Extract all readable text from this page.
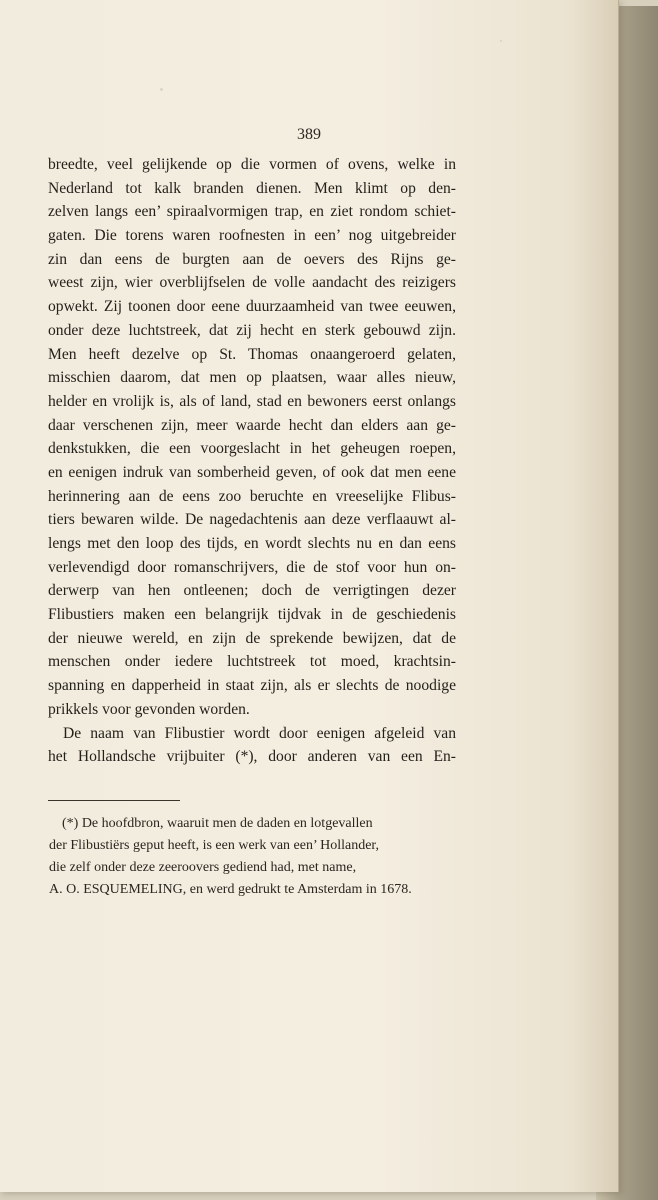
389
breedte, veel gelijkende op die vormen of ovens, welke in
Nederland tot kalk branden dienen. Men klimt op den-
zelven langs een’ spiraalvormigen trap, en ziet rondom schiet-
gaten. Die torens waren roofnesten in een’ nog uitgebreider
zin dan eens de burgten aan de oevers des Rijns ge-
weest zijn, wier overblijfselen de volle aandacht des reizigers
opwekt. Zij toonen door eene duurzaamheid van twee eeuwen,
onder deze luchtstreek, dat zij hecht en sterk gebouwd zijn.
Men heeft dezelve op St. Thomas onaangeroerd gelaten,
misschien daarom, dat men op plaatsen, waar alles nieuw,
helder en vrolijk is, als of land, stad en bewoners eerst onlangs
daar verschenen zijn, meer waarde hecht dan elders aan ge-
denkstukken, die een voorgeslacht in het geheugen roepen,
en eenigen indruk van somberheid geven, of ook dat men eene
herinnering aan de eens zoo beruchte en vreeselijke Flibus-
tiers bewaren wilde. De nagedachtenis aan deze verflaauwt al-
lengs met den loop des tijds, en wordt slechts nu en dan eens
verlevendigd door romanschrijvers, die de stof voor hun on-
derwerp van hen ontleenen; doch de verrigtingen dezer
Flibustiers maken een belangrijk tijdvak in de geschiedenis
der nieuwe wereld, en zijn de sprekende bewijzen, dat de
menschen onder iedere luchtstreek tot moed, krachtsin-
spanning en dapperheid in staat zijn, als er slechts de noodige
prikkels voor gevonden worden.
De naam van Flibustier wordt door eenigen afgeleid van
het Hollandsche vrijbuiter (*), door anderen van een En-
(*) De hoofdbron, waaruit men de daden en lotgevallen
der Flibustiërs geput heeft, is een werk van een’ Hollander,
die zelf onder deze zeeroovers gediend had, met name,
A. O. ESQUEMELING, en werd gedrukt te Amsterdam in 1678.
